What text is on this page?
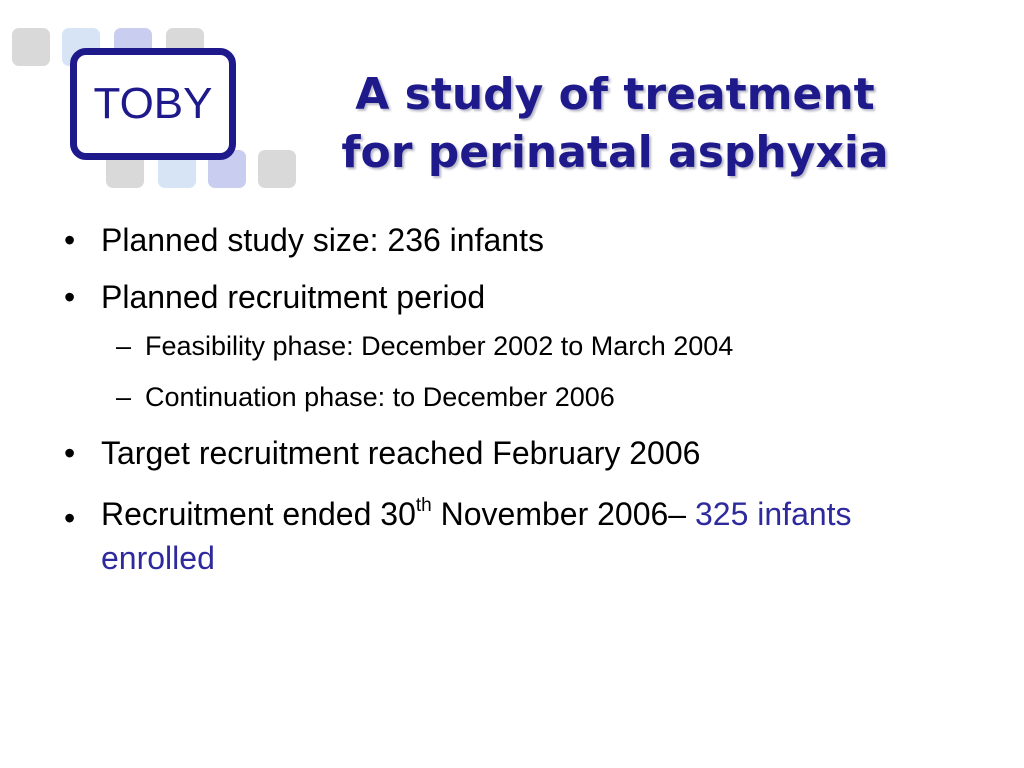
TOBY	A study of treatment
for perinatal asphyxia
• Planned study size: 236 infants
• Planned recruitment period
– Feasibility phase: December 2002 to March 2004
– Continuation phase: to December 2006
• Target recruitment reached February 2006
• Recruitment ended 30th November 2006– 325 infants enrolled
